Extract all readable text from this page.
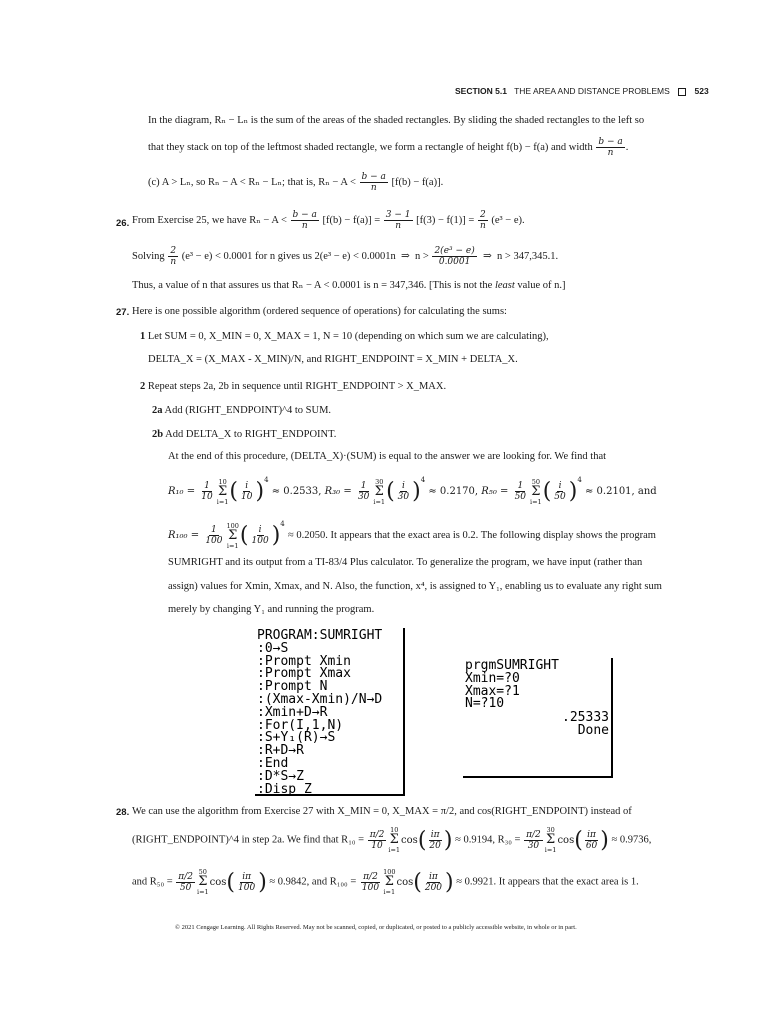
SECTION 5.1 THE AREA AND DISTANCE PROBLEMS	523
In the diagram, Rₙ − Lₙ is the sum of the areas of the shaded rectangles. By sliding the shaded rectangles to the left so
that they stack on top of the leftmost shaded rectangle, we form a rectangle of height f(b) − f(a) and width $\frac{b - a}{n}$ .
(c) A > Lₙ, so Rₙ − A < Rₙ − Lₙ; that is, $R_n - A < \frac{b - a}{n} [f(b) - f(a)]$.
26. From Exercise 25, we have $R_n - A < \frac{b - a}{n} [f(b) - f(a)] = \frac{3 - 1}{n} [f(3) - f(1)] = \frac{2}{n} (e^3 - e)$.
Solving $\frac{2}{n} (e^3 - e) < 0.0001$ for n gives us 2(e³ − e) < 0.0001n ⇒ $n > \frac{\text{2(e³ − e)}}{0.0001}$ ⇒ n > 347,345.1.
Thus, a value of n that assures us that Rₙ − A < 0.0001 is n = 347,346. [This is not the least value of n.]
27. Here is one possible algorithm (ordered sequence of operations) for calculating the sums:
1 Let SUM = 0, X_MIN = 0, X_MAX = 1, N = 10 (depending on which sum we are calculating),
DELTA_X = (X_MAX - X_MIN)/N, and RIGHT_ENDPOINT = X_MIN + DELTA_X.
2 Repeat steps 2a, 2b in sequence until RIGHT_ENDPOINT > X_MAX.
2a Add (RIGHT_ENDPOINT)^4 to SUM.
2b Add DELTA_X to RIGHT_ENDPOINT.
At the end of this procedure, (DELTA_X)·(SUM) is equal to the answer we are looking for. We find that
$R_{10} = \frac{1}{10} 10$
Σ
i=1 ( $\frac{i}{10} )^4 \approx 0.2533$, $R_{30} = \frac{1}{30} 30$
Σ
i=1 ( $\frac{i}{30} )^4 \approx 0.2170$, $R_{50} = \frac{1}{50} 50$
Σ
i=1 ( $\frac{i}{50} )^4 \approx 0.2101$, and
$R_{100} = \frac{1}{100} 100$
Σ
i=1 ( $\frac{i}{100} )^4 \approx 0.2050$. It appears that the exact area is 0.2. The following display shows the program
SUMRIGHT and its output from a TI-83/4 Plus calculator. To generalize the program, we have input (rather than
assign) values for Xmin, Xmax, and N. Also, the function, x⁴, is assigned to Y₁, enabling us to evaluate any right sum
merely by changing Y₁ and running the program.
PROGRAM:SUMRIGHT
:0→S
:Prompt Xmin
:Prompt Xmax
:Prompt N
:(Xmax-Xmin)/N→D
:Xmin+D→R
:For(I,1,N)
:S+Y₁(R)→S
:R+D→R
:End
:D*S→Z
:Disp Z
prgmSUMRIGHT
Xmin=?0
Xmax=?1
N=?10
.25333
Done
28. We can use the algorithm from Exercise 27 with X_MIN = 0, X_MAX = π/2, and cos(RIGHT_ENDPOINT) instead of
(RIGHT_ENDPOINT)^4 in step 2a. We find that $R_{10} = \frac{\pi/2}{10} 10$
Σ
i=1
$\cos( \frac{i\pi}{20}$ ) ≈ 0.9194, $R_{30} = \frac{\pi/2}{30} 30$
Σ
i=1
$\cos( \frac{i\pi}{60}$ ) ≈ 0.9736,
and $R_{50} = \frac{\pi/2}{50} 50$
Σ
i=1
$\cos( \frac{i\pi}{100}$ ) ≈ 0.9842, and $R_{100} = \frac{\pi/2}{100} 100$
Σ
i=1
$\cos( \frac{i\pi}{200}$ ) ≈ 0.9921. It appears that the exact area is 1.
© 2021 Cengage Learning. All Rights Reserved. May not be scanned, copied, or duplicated, or posted to a publicly accessible website, in whole or in part.
